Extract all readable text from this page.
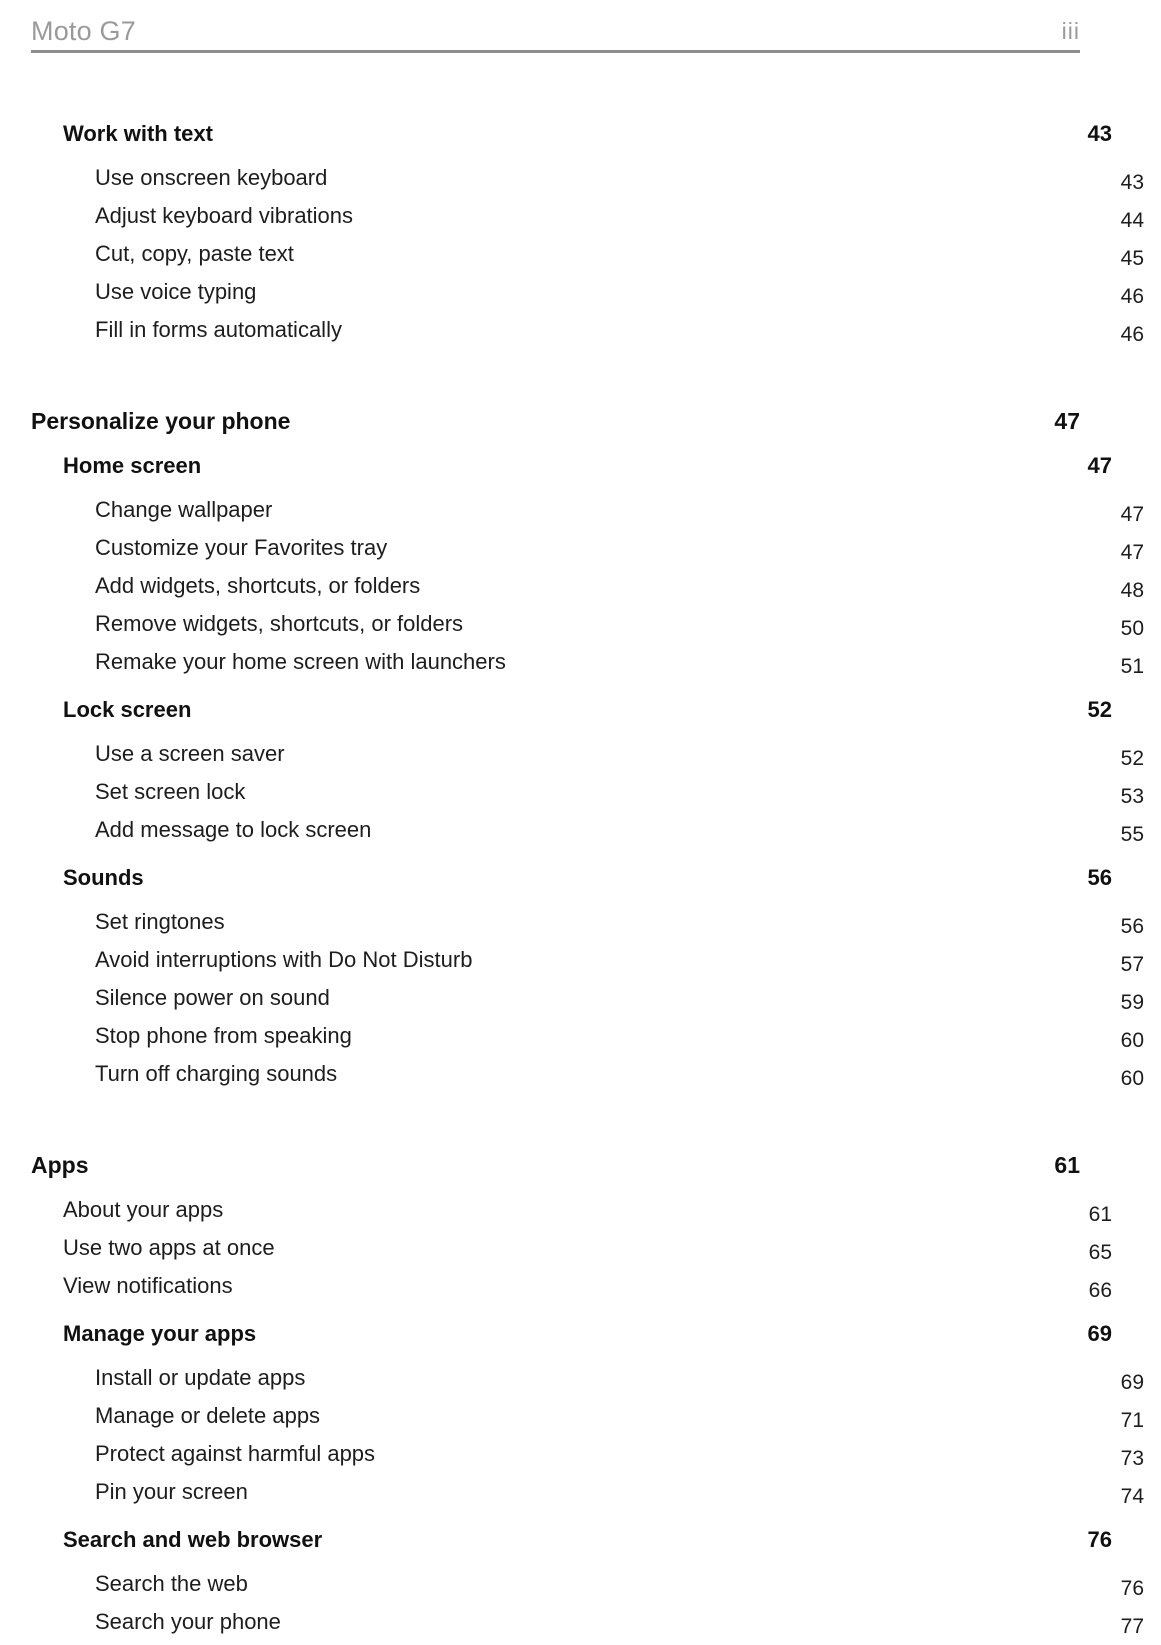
Moto G7	iii
Work with text	43
Use onscreen keyboard	43
Adjust keyboard vibrations	44
Cut, copy, paste text	45
Use voice typing	46
Fill in forms automatically	46
Personalize your phone	47
Home screen	47
Change wallpaper	47
Customize your Favorites tray	47
Add widgets, shortcuts, or folders	48
Remove widgets, shortcuts, or folders	50
Remake your home screen with launchers	51
Lock screen	52
Use a screen saver	52
Set screen lock	53
Add message to lock screen	55
Sounds	56
Set ringtones	56
Avoid interruptions with Do Not Disturb	57
Silence power on sound	59
Stop phone from speaking	60
Turn off charging sounds	60
Apps	61
About your apps	61
Use two apps at once	65
View notifications	66
Manage your apps	69
Install or update apps	69
Manage or delete apps	71
Protect against harmful apps	73
Pin your screen	74
Search and web browser	76
Search the web	76
Search your phone	77
